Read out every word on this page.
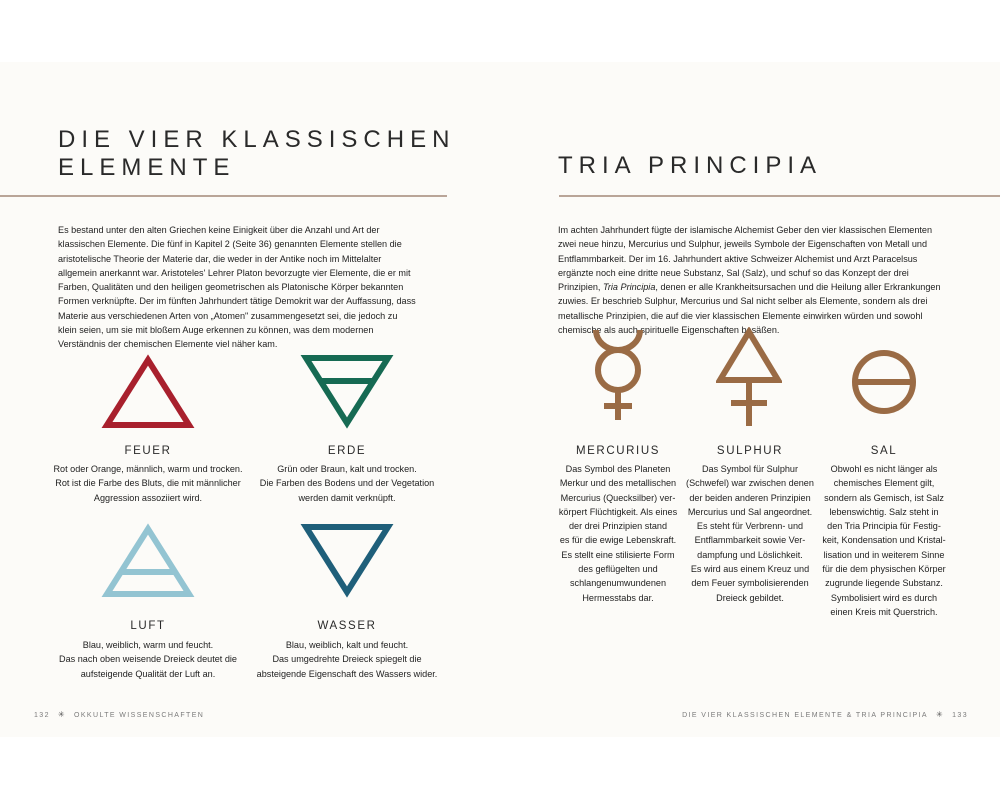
DIE VIER KLASSISCHEN
ELEMENTE

Es bestand unter den alten Griechen keine Einigkeit über die Anzahl und Art der klassischen Elemente. Die fünf in Kapitel 2 (Seite 36) genannten Elemente stellen die aristotelische Theorie der Materie dar, die weder in der Antike noch im Mittelalter allgemein anerkannt war. Aristoteles' Lehrer Platon bevorzugte vier Elemente, die er mit Farben, Qualitäten und den heiligen geometrischen als Platonische Körper bekannten Formen verknüpfte. Der im fünften Jahrhundert tätige Demokrit war der Auffassung, dass Materie aus verschiedenen Arten von „Atomen" zusammengesetzt sei, die jedoch zu klein seien, um sie mit bloßem Auge erkennen zu können, was dem modernen Verständnis der chemischen Elemente viel näher kam.

FEUER
Rot oder Orange, männlich, warm und trocken.
Rot ist die Farbe des Bluts, die mit männlicher
Aggression assoziiert wird.
ERDE
Grün oder Braun, kalt und trocken.
Die Farben des Bodens und der Vegetation
werden damit verknüpft.
LUFT
Blau, weiblich, warm und feucht.
Das nach oben weisende Dreieck deutet die
aufsteigende Qualität der Luft an.
WASSER
Blau, weiblich, kalt und feucht.
Das umgedrehte Dreieck spiegelt die
absteigende Eigenschaft des Wassers wider.
132 ✳ OKKULTE WISSENSCHAFTEN
TRIA PRINCIPIA

Im achten Jahrhundert fügte der islamische Alchemist Geber den vier klassischen Elementen zwei neue hinzu, Mercurius und Sulphur, jeweils Symbole der Eigenschaften von Metall und Entflammbarkeit. Der im 16. Jahrhundert aktive Schweizer Alchemist und Arzt Paracelsus ergänzte noch eine dritte neue Substanz, Sal (Salz), und schuf so das Konzept der drei Prinzipien, Tria Principia, denen er alle Krankheitsursachen und die Heilung aller Erkrankungen zuwies. Er beschrieb Sulphur, Mercurius und Sal nicht selber als Elemente, sondern als drei metallische Prinzipien, die auf die vier klassischen Elemente einwirken würden und sowohl chemische als auch spirituelle Eigenschaften besäßen.

MERCURIUS
Das Symbol des Planeten
Merkur und des metallischen
Mercurius (Quecksilber) ver-
körpert Flüchtigkeit. Als eines
der drei Prinzipien stand
es für die ewige Lebenskraft.
Es stellt eine stilisierte Form
des geflügelten und
schlangenumwundenen
Hermesstabs dar.
SULPHUR
Das Symbol für Sulphur
(Schwefel) war zwischen denen
der beiden anderen Prinzipien
Mercurius und Sal angeordnet.
Es steht für Verbrenn- und
Entflammbarkeit sowie Ver-
dampfung und Löslichkeit.
Es wird aus einem Kreuz und
dem Feuer symbolisierenden
Dreieck gebildet.
SAL
Obwohl es nicht länger als
chemisches Element gilt,
sondern als Gemisch, ist Salz
lebenswichtig. Salz steht in
den Tria Principia für Festig-
keit, Kondensation und Kristal-
lisation und in weiterem Sinne
für die dem physischen Körper
zugrunde liegende Substanz.
Symbolisiert wird es durch
einen Kreis mit Querstrich.
DIE VIER KLASSISCHEN ELEMENTE & TRIA PRINCIPIA ✳ 133
